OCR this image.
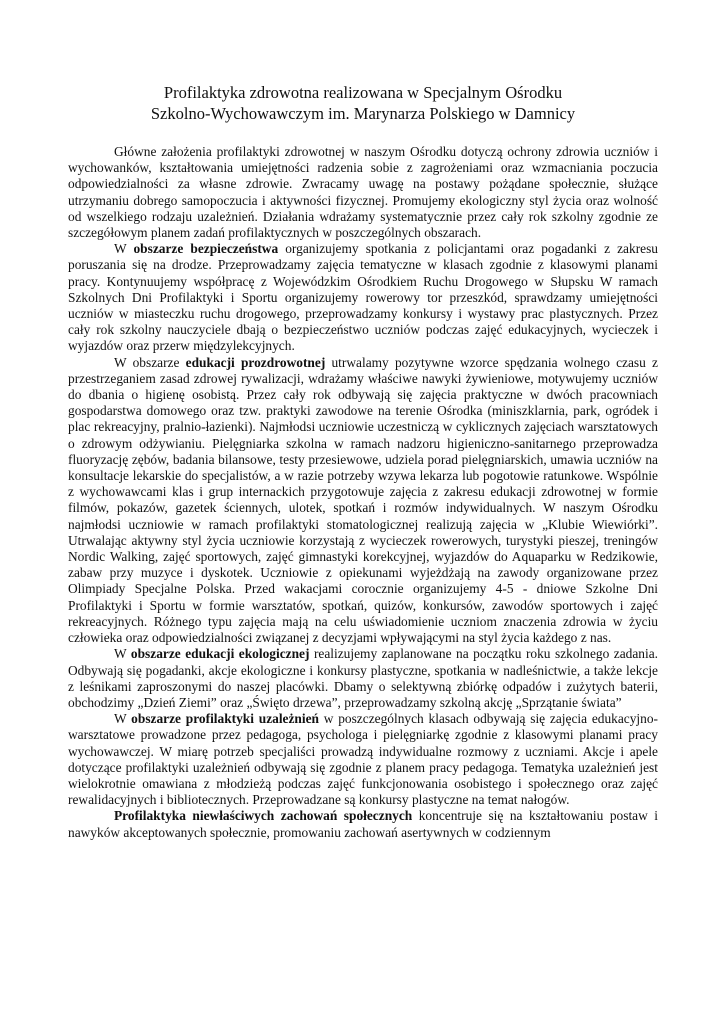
Profilaktyka zdrowotna realizowana w Specjalnym Ośrodku
Szkolno-Wychowawczym im. Marynarza Polskiego w Damnicy

Główne założenia profilaktyki zdrowotnej w naszym Ośrodku dotyczą ochrony zdrowia uczniów i wychowanków, kształtowania umiejętności radzenia sobie z zagrożeniami oraz wzmacniania poczucia odpowiedzialności za własne zdrowie. Zwracamy uwagę na postawy pożądane społecznie, służące utrzymaniu dobrego samopoczucia i aktywności fizycznej. Promujemy ekologiczny styl życia oraz wolność od wszelkiego rodzaju uzależnień. Działania wdrażamy systematycznie przez cały rok szkolny zgodnie ze szczegółowym planem zadań profilaktycznych w poszczególnych obszarach.

W obszarze bezpieczeństwa organizujemy spotkania z policjantami oraz pogadanki z zakresu poruszania się na drodze. Przeprowadzamy zajęcia tematyczne w klasach zgodnie z klasowymi planami pracy. Kontynuujemy współpracę z Wojewódzkim Ośrodkiem Ruchu Drogowego w Słupsku W ramach Szkolnych Dni Profilaktyki i Sportu organizujemy rowerowy tor przeszkód, sprawdzamy umiejętności uczniów w miasteczku ruchu drogowego, przeprowadzamy konkursy i wystawy prac plastycznych. Przez cały rok szkolny nauczyciele dbają o bezpieczeństwo uczniów podczas zajęć edukacyjnych, wycieczek i wyjazdów oraz przerw międzylekcyjnych.

W obszarze edukacji prozdrowotnej utrwalamy pozytywne wzorce spędzania wolnego czasu z przestrzeganiem zasad zdrowej rywalizacji, wdrażamy właściwe nawyki żywieniowe, motywujemy uczniów do dbania o higienę osobistą. Przez cały rok odbywają się zajęcia praktyczne w dwóch pracowniach gospodarstwa domowego oraz tzw. praktyki zawodowe na terenie Ośrodka (miniszklarnia, park, ogródek i plac rekreacyjny, pralnio-łazienki). Najmłodsi uczniowie uczestniczą w cyklicznych zajęciach warsztatowych o zdrowym odżywianiu. Pielęgniarka szkolna w ramach nadzoru higieniczno-sanitarnego przeprowadza fluoryzację zębów, badania bilansowe, testy przesiewowe, udziela porad pielęgniarskich, umawia uczniów na konsultacje lekarskie do specjalistów, a w razie potrzeby wzywa lekarza lub pogotowie ratunkowe. Wspólnie z wychowawcami klas i grup internackich przygotowuje zajęcia z zakresu edukacji zdrowotnej w formie filmów, pokazów, gazetek ściennych, ulotek, spotkań i rozmów indywidualnych. W naszym Ośrodku najmłodsi uczniowie w ramach profilaktyki stomatologicznej realizują zajęcia w „Klubie Wiewiórki”. Utrwalając aktywny styl życia uczniowie korzystają z wycieczek rowerowych, turystyki pieszej, treningów Nordic Walking, zajęć sportowych, zajęć gimnastyki korekcyjnej, wyjazdów do Aquaparku w Redzikowie, zabaw przy muzyce i dyskotek. Uczniowie z opiekunami wyjeżdżają na zawody organizowane przez Olimpiady Specjalne Polska. Przed wakacjami corocznie organizujemy 4-5 - dniowe Szkolne Dni Profilaktyki i Sportu w formie warsztatów, spotkań, quizów, konkursów, zawodów sportowych i zajęć rekreacyjnych. Różnego typu zajęcia mają na celu uświadomienie uczniom znaczenia zdrowia w życiu człowieka oraz odpowiedzialności związanej z decyzjami wpływającymi na styl życia każdego z nas.

W obszarze edukacji ekologicznej realizujemy zaplanowane na początku roku szkolnego zadania. Odbywają się pogadanki, akcje ekologiczne i konkursy plastyczne, spotkania w nadleśnictwie, a także lekcje z leśnikami zaproszonymi do naszej placówki. Dbamy o selektywną zbiórkę odpadów i zużytych baterii, obchodzimy „Dzień Ziemi” oraz „Święto drzewa”, przeprowadzamy szkolną akcję „Sprzątanie świata”

W obszarze profilaktyki uzależnień w poszczególnych klasach odbywają się zajęcia edukacyjno-warsztatowe prowadzone przez pedagoga, psychologa i pielęgniarkę zgodnie z klasowymi planami pracy wychowawczej. W miarę potrzeb specjaliści prowadzą indywidualne rozmowy z uczniami. Akcje i apele dotyczące profilaktyki uzależnień odbywają się zgodnie z planem pracy pedagoga. Tematyka uzależnień jest wielokrotnie omawiana z młodzieżą podczas zajęć funkcjonowania osobistego i społecznego oraz zajęć rewalidacyjnych i bibliotecznych. Przeprowadzane są konkursy plastyczne na temat nałogów.

Profilaktyka niewłaściwych zachowań społecznych koncentruje się na kształtowaniu postaw i nawyków akceptowanych społecznie, promowaniu zachowań asertywnych w codziennym
